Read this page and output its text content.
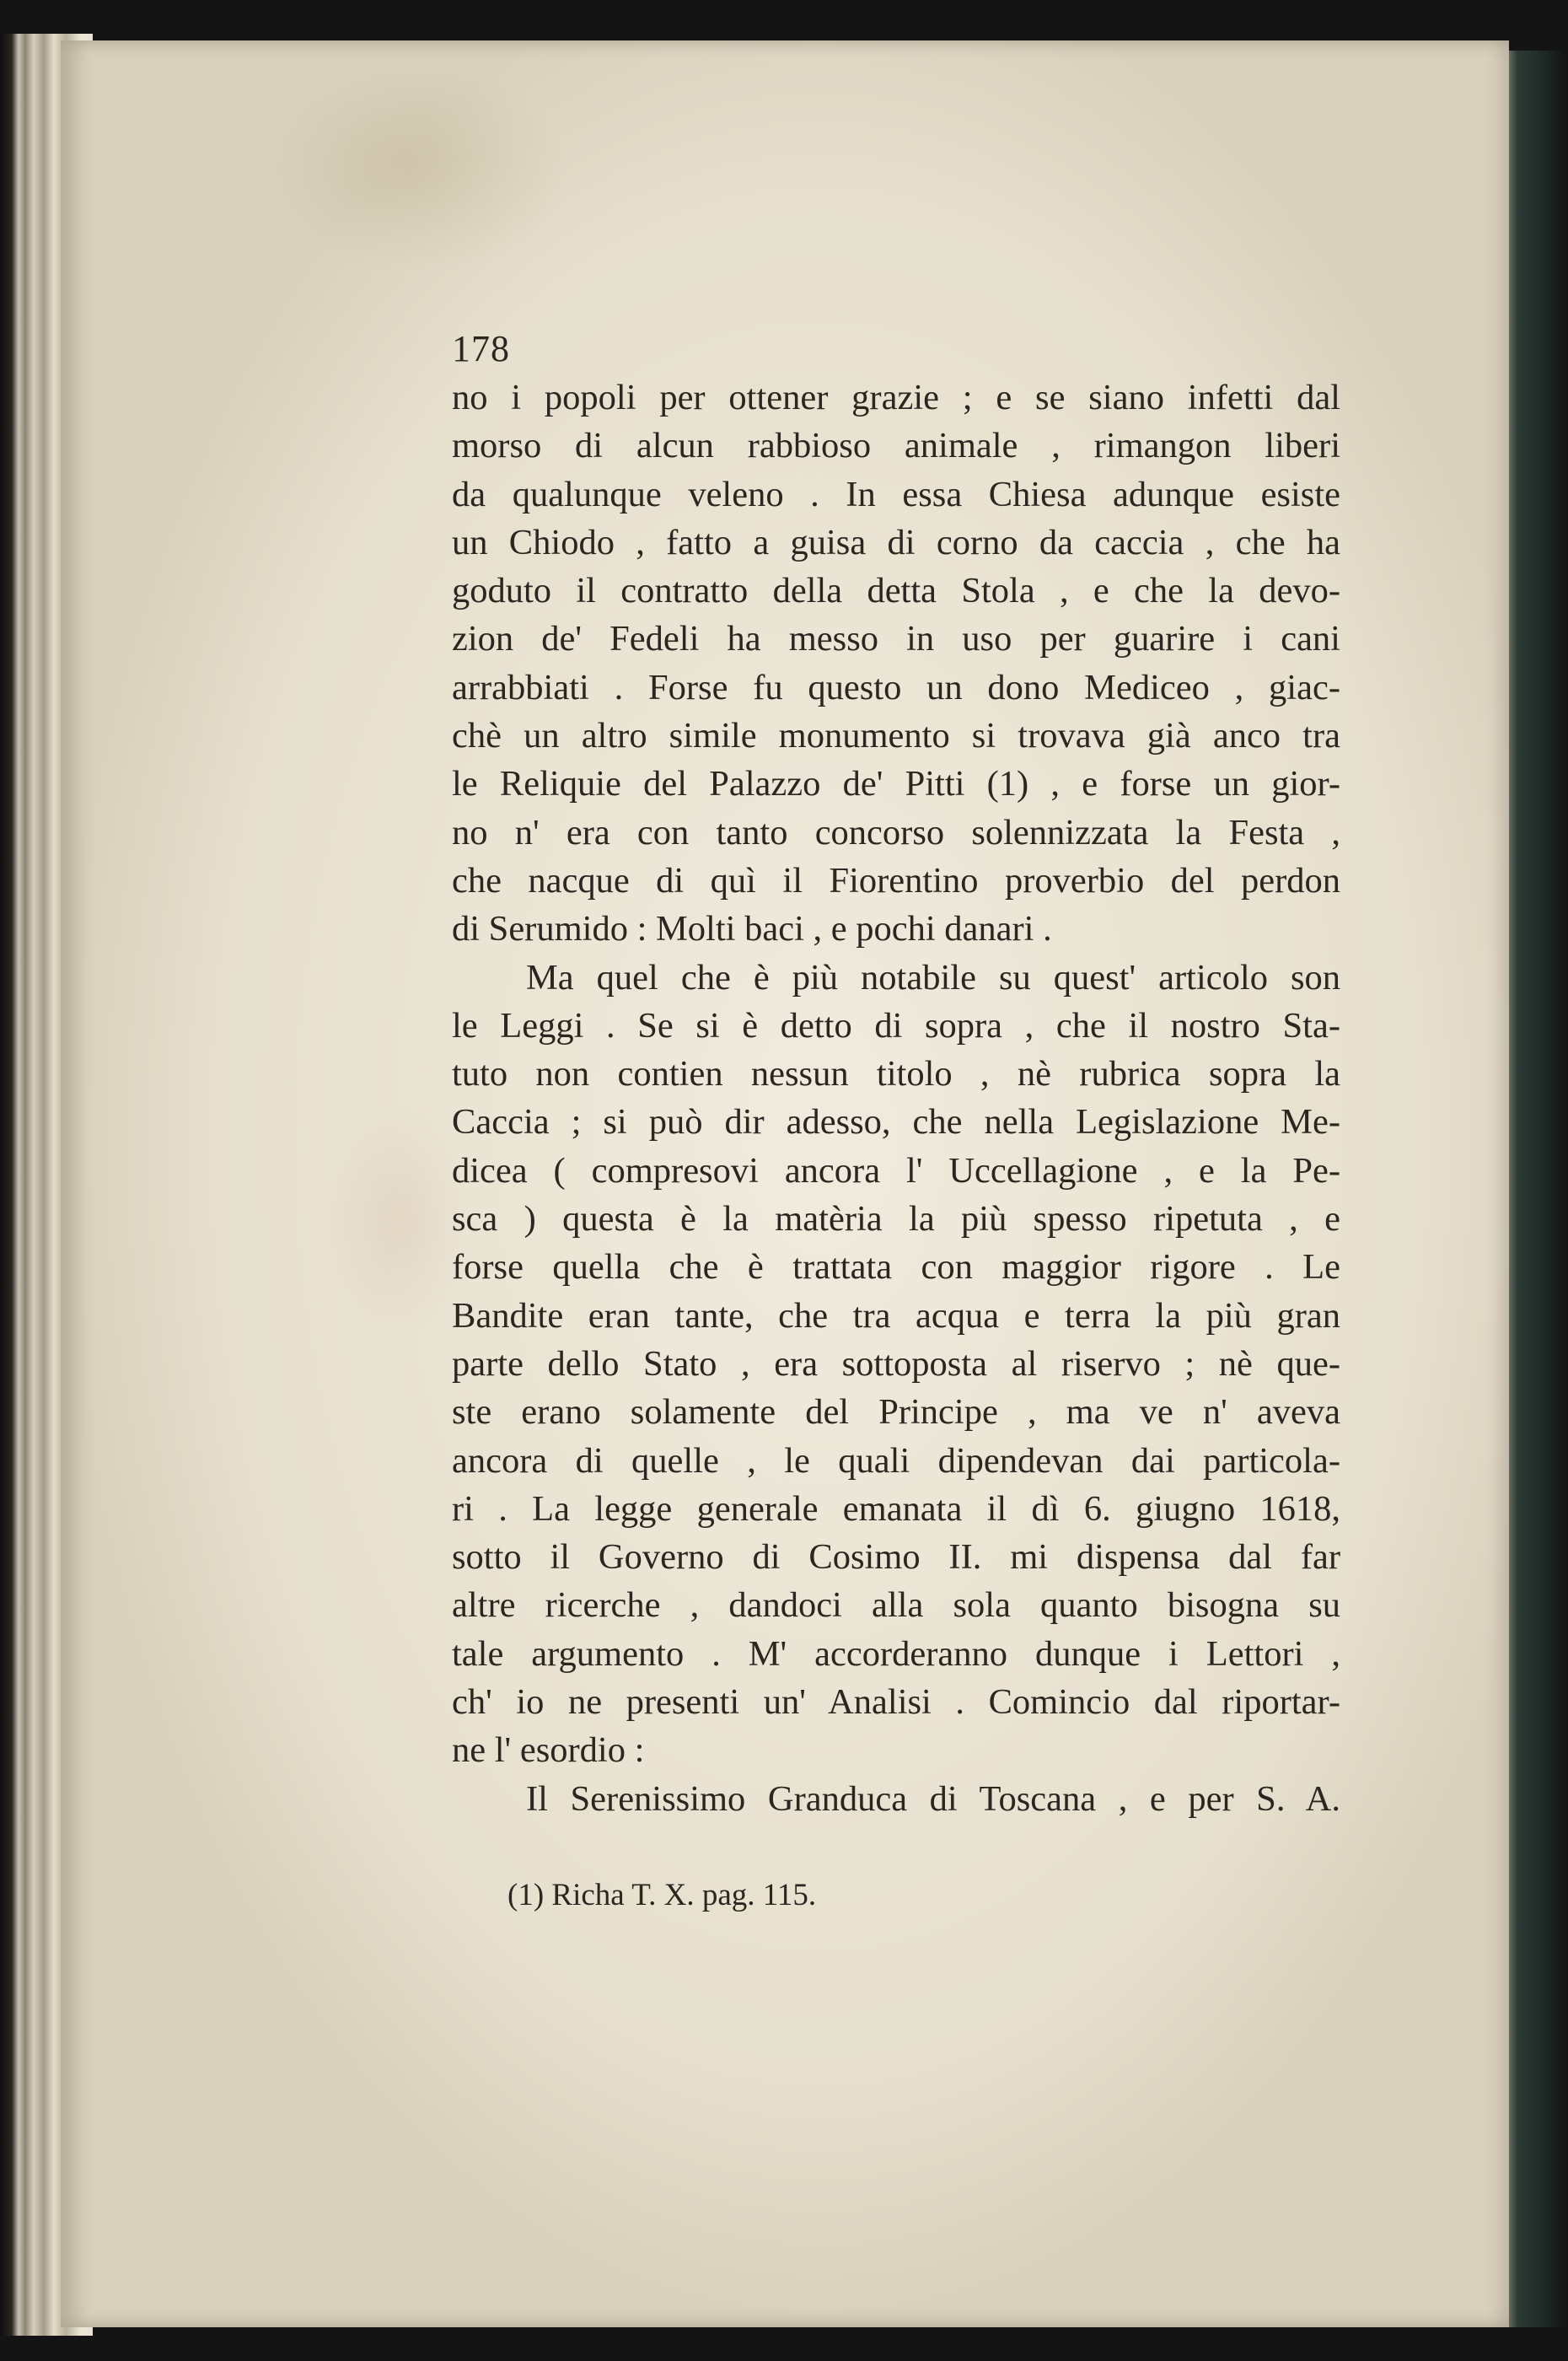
178
no i popoli per ottener grazie ; e se siano infetti dal
morso di alcun rabbioso animale , rimangon liberi
da qualunque veleno . In essa Chiesa adunque esiste
un Chiodo , fatto a guisa di corno da caccia , che ha
goduto il contratto della detta Stola , e che la devo-
zion de' Fedeli ha messo in uso per guarire i cani
arrabbiati . Forse fu questo un dono Mediceo , giac-
chè un altro simile monumento si trovava già anco tra
le Reliquie del Palazzo de' Pitti (1) , e forse un gior-
no n' era con tanto concorso solennizzata la Festa ,
che nacque di quì il Fiorentino proverbio del perdon
di Serumido : Molti baci , e pochi danari .
Ma quel che è più notabile su quest' articolo son
le Leggi . Se si è detto di sopra , che il nostro Sta-
tuto non contien nessun titolo , nè rubrica sopra la
Caccia ; si può dir adesso, che nella Legislazione Me-
dicea ( compresovi ancora l' Uccellagione , e la Pe-
sca ) questa è la matèria la più spesso ripetuta , e
forse quella che è trattata con maggior rigore . Le
Bandite eran tante, che tra acqua e terra la più gran
parte dello Stato , era sottoposta al riservo ; nè que-
ste erano solamente del Principe , ma ve n' aveva
ancora di quelle , le quali dipendevan dai particola-
ri . La legge generale emanata il dì 6. giugno 1618,
sotto il Governo di Cosimo II. mi dispensa dal far
altre ricerche , dandoci alla sola quanto bisogna su
tale argumento . M' accorderanno dunque i Lettori ,
ch' io ne presenti un' Analisi . Comincio dal riportar-
ne l' esordio :
Il Serenissimo Granduca di Toscana , e per S. A.
(1) Richa T. X. pag. 115.
